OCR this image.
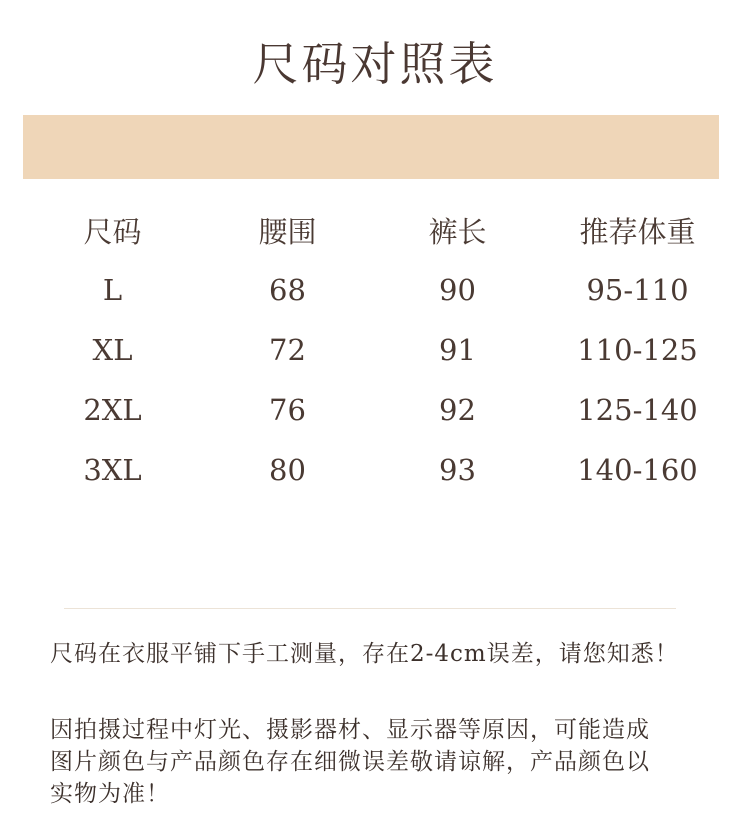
尺码对照表
尺码	腰围	裤长	推荐体重
L	68	90	95-110
XL	72	91	110-125
2XL	76	92	125-140
3XL	80	93	140-160
尺码在衣服平铺下手工测量，存在2-4cm误差，请您知悉！
因拍摄过程中灯光、摄影器材、显示器等原因，可能造成
图片颜色与产品颜色存在细微误差敬请谅解，产品颜色以
实物为准！
